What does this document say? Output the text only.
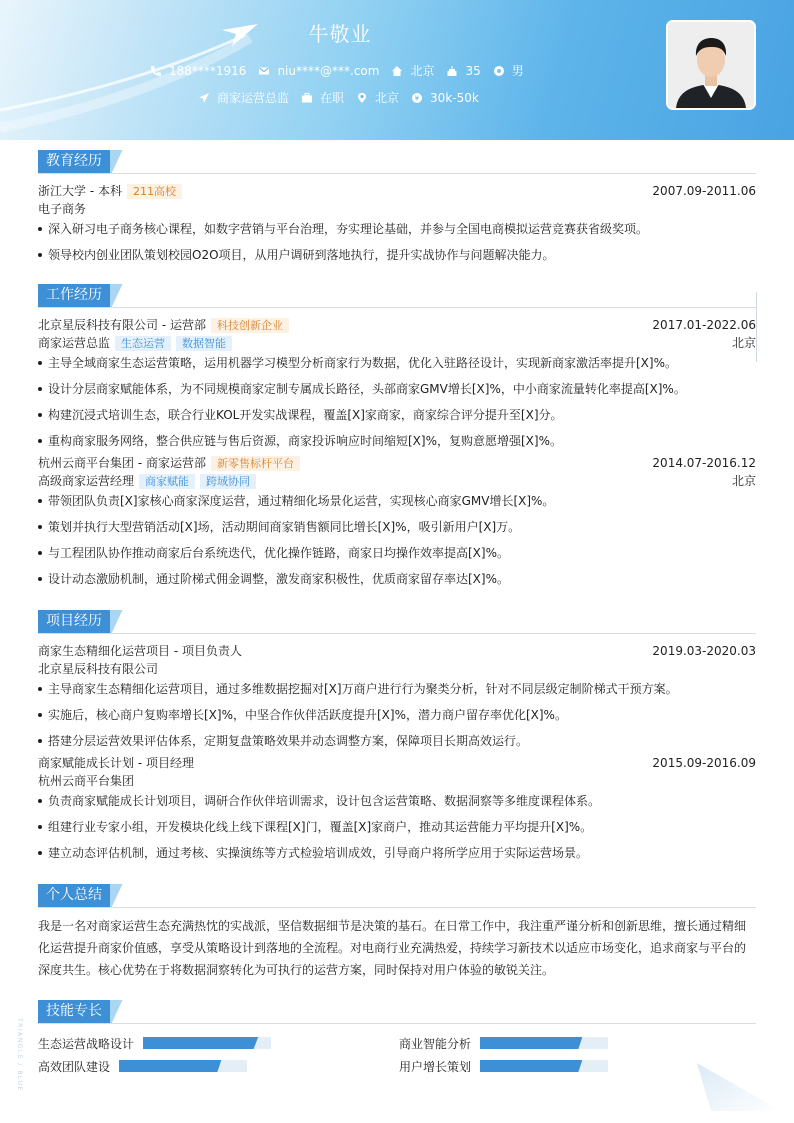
牛敬业
188****1916	niu****@***.com	北京	35	男
商家运营总监	在职	北京 ¥ 30k-50k
教育经历
浙江大学 - 本科 211高校	2007.09-2011.06
电子商务
深入研习电子商务核心课程，如数字营销与平台治理，夯实理论基础，并参与全国电商模拟运营竞赛获省级奖项。
领导校内创业团队策划校园O2O项目，从用户调研到落地执行，提升实战协作与问题解决能力。
工作经历
北京星辰科技有限公司 - 运营部 科技创新企业	2017.01-2022.06
商家运营总监 生态运营 数据智能	北京
主导全域商家生态运营策略，运用机器学习模型分析商家行为数据，优化入驻路径设计，实现新商家激活率提升[X]%。
设计分层商家赋能体系，为不同规模商家定制专属成长路径，头部商家GMV增长[X]%，中小商家流量转化率提高[X]%。
构建沉浸式培训生态，联合行业KOL开发实战课程，覆盖[X]家商家，商家综合评分提升至[X]分。
重构商家服务网络，整合供应链与售后资源，商家投诉响应时间缩短[X]%，复购意愿增强[X]%。
杭州云商平台集团 - 商家运营部 新零售标杆平台	2014.07-2016.12
高级商家运营经理 商家赋能 跨域协同	北京
带领团队负责[X]家核心商家深度运营，通过精细化场景化运营，实现核心商家GMV增长[X]%。
策划并执行大型营销活动[X]场，活动期间商家销售额同比增长[X]%，吸引新用户[X]万。
与工程团队协作推动商家后台系统迭代，优化操作链路，商家日均操作效率提高[X]%。
设计动态激励机制，通过阶梯式佣金调整，激发商家积极性，优质商家留存率达[X]%。
项目经历
商家生态精细化运营项目 - 项目负责人	2019.03-2020.03
北京星辰科技有限公司
主导商家生态精细化运营项目，通过多维数据挖掘对[X]万商户进行行为聚类分析，针对不同层级定制阶梯式干预方案。
实施后，核心商户复购率增长[X]%，中坚合作伙伴活跃度提升[X]%，潜力商户留存率优化[X]%。
搭建分层运营效果评估体系，定期复盘策略效果并动态调整方案，保障项目长期高效运行。
商家赋能成长计划 - 项目经理	2015.09-2016.09
杭州云商平台集团
负责商家赋能成长计划项目，调研合作伙伴培训需求，设计包含运营策略、数据洞察等多维度课程体系。
组建行业专家小组，开发模块化线上线下课程[X]门，覆盖[X]家商户，推动其运营能力平均提升[X]%。
建立动态评估机制，通过考核、实操演练等方式检验培训成效，引导商户将所学应用于实际运营场景。
个人总结

我是一名对商家运营生态充满热忱的实战派，坚信数据细节是决策的基石。在日常工作中，我注重严谨分析和创新思维，擅长通过精细化运营提升商家价值感，享受从策略设计到落地的全流程。对电商行业充满热爱，持续学习新技术以适应市场变化，追求商家与平台的深度共生。核心优势在于将数据洞察转化为可执行的运营方案，同时保持对用户体验的敏锐关注。

技能专长
生态运营战略设计	商业智能分析
高效团队建设	用户增长策划
TRIANGLE / BLUE
